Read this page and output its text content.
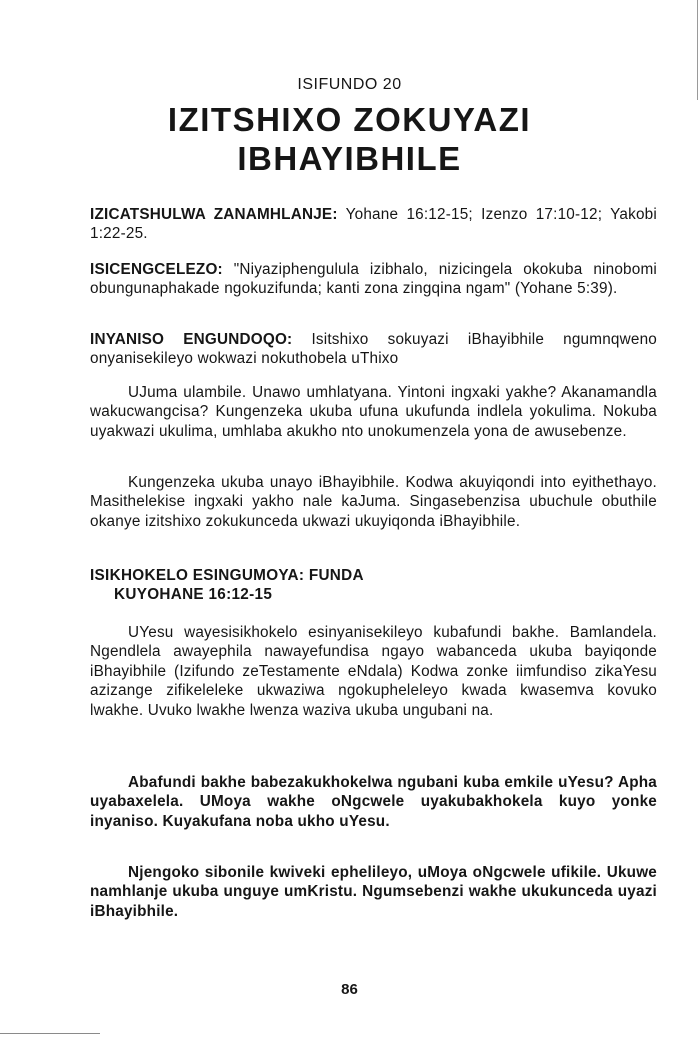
ISIFUNDO 20
IZITSHIXO ZOKUYAZI
IBHAYIBHILE
IZICATSHULWA ZANAMHLANJE: Yohane 16:12-15; Izenzo 17:10-12; Yakobi 1:22-25.
ISICENGCELEZO: "Niyaziphengulula izibhalo, nizicingela okokuba ninobomi obungunaphakade ngokuzifunda; kanti zona zingqina ngam" (Yohane 5:39).
INYANISO ENGUNDOQO: Isitshixo sokuyazi iBhayibhile ngumnqweno onyanisekileyo wokwazi nokuthobela uThixo
UJuma ulambile. Unawo umhlatyana. Yintoni ingxaki yakhe? Akanamandla wakucwangcisa? Kungenzeka ukuba ufuna ukufunda indlela yokulima. Nokuba uyakwazi ukulima, umhlaba akukho nto unokumenzela yona de awusebenze.
Kungenzeka ukuba unayo iBhayibhile. Kodwa akuyiqondi into eyithethayo. Masithelekise ingxaki yakho nale kaJuma. Singasebenzisa ubuchule obuthile okanye izitshixo zokukunceda ukwazi ukuyiqonda iBhayibhile.
ISIKHOKELO ESINGUMOYA: FUNDA
KUYOHANE 16:12-15
UYesu wayesisikhokelo esinyanisekileyo kubafundi bakhe. Bamlandela. Ngendlela awayephila nawayefundisa ngayo wabanceda ukuba bayiqonde iBhayibhile (Izifundo zeTestamente eNdala) Kodwa zonke iimfundiso zikaYesu azizange zifikeleleke ukwaziwa ngokupheleleyo kwada kwasemva kovuko lwakhe. Uvuko lwakhe lwenza waziva ukuba ungubani na.
Abafundi bakhe babezakukhokelwa ngubani kuba emkile uYesu? Apha uyabaxelela. UMoya wakhe oNgcwele uyakubakhokela kuyo yonke inyaniso. Kuyakufana noba ukho uYesu.
Njengoko sibonile kwiveki ephelileyo, uMoya oNgcwele ufikile. Ukuwe namhlanje ukuba unguye umKristu. Ngumsebenzi wakhe ukukunceda uyazi iBhayibhile.
86
